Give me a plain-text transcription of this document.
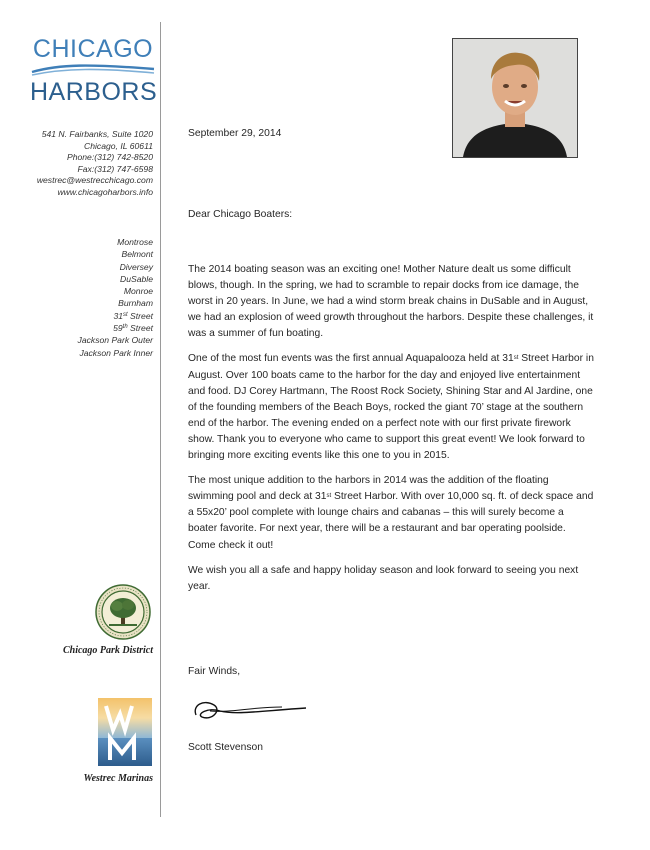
CHICAGO
HARBORS
541 N. Fairbanks, Suite 1020
Chicago, IL 60611
Phone:(312) 742-8520
Fax:(312) 747-6598
westrec@westrecchicago.com
www.chicagoharbors.info
Montrose
Belmont
Diversey
DuSable
Monroe
Burnham
31st Street
59th Street
Jackson Park Outer
Jackson Park Inner
Chicago Park District
Westrec Marinas
September 29, 2014
Dear Chicago Boaters:

The 2014 boating season was an exciting one! Mother Nature dealt us some difficult blows, though. In the spring, we had to scramble to repair docks from ice damage, the worst in 20 years. In June, we had a wind storm break chains in DuSable and in August, we had an explosion of weed growth throughout the harbors. Despite these challenges, it was a summer of fun boating.

One of the most fun events was the first annual Aquapalooza held at 31st Street Harbor in August. Over 100 boats came to the harbor for the day and enjoyed live entertainment and food. DJ Corey Hartmann, The Roost Rock Society, Shining Star and Al Jardine, one of the founding members of the Beach Boys, rocked the giant 70’ stage at the southern end of the harbor. The evening ended on a perfect note with our first private firework show. Thank you to everyone who came to support this great event! We look forward to bringing more exciting events like this one to you in 2015.

The most unique addition to the harbors in 2014 was the addition of the floating swimming pool and deck at 31st Street Harbor. With over 10,000 sq. ft. of deck space and a 55x20’ pool complete with lounge chairs and cabanas – this will surely become a boater favorite. For next year, there will be a restaurant and bar operating poolside. Come check it out!

We wish you all a safe and happy holiday season and look forward to seeing you next year.

Fair Winds,
Scott Stevenson
